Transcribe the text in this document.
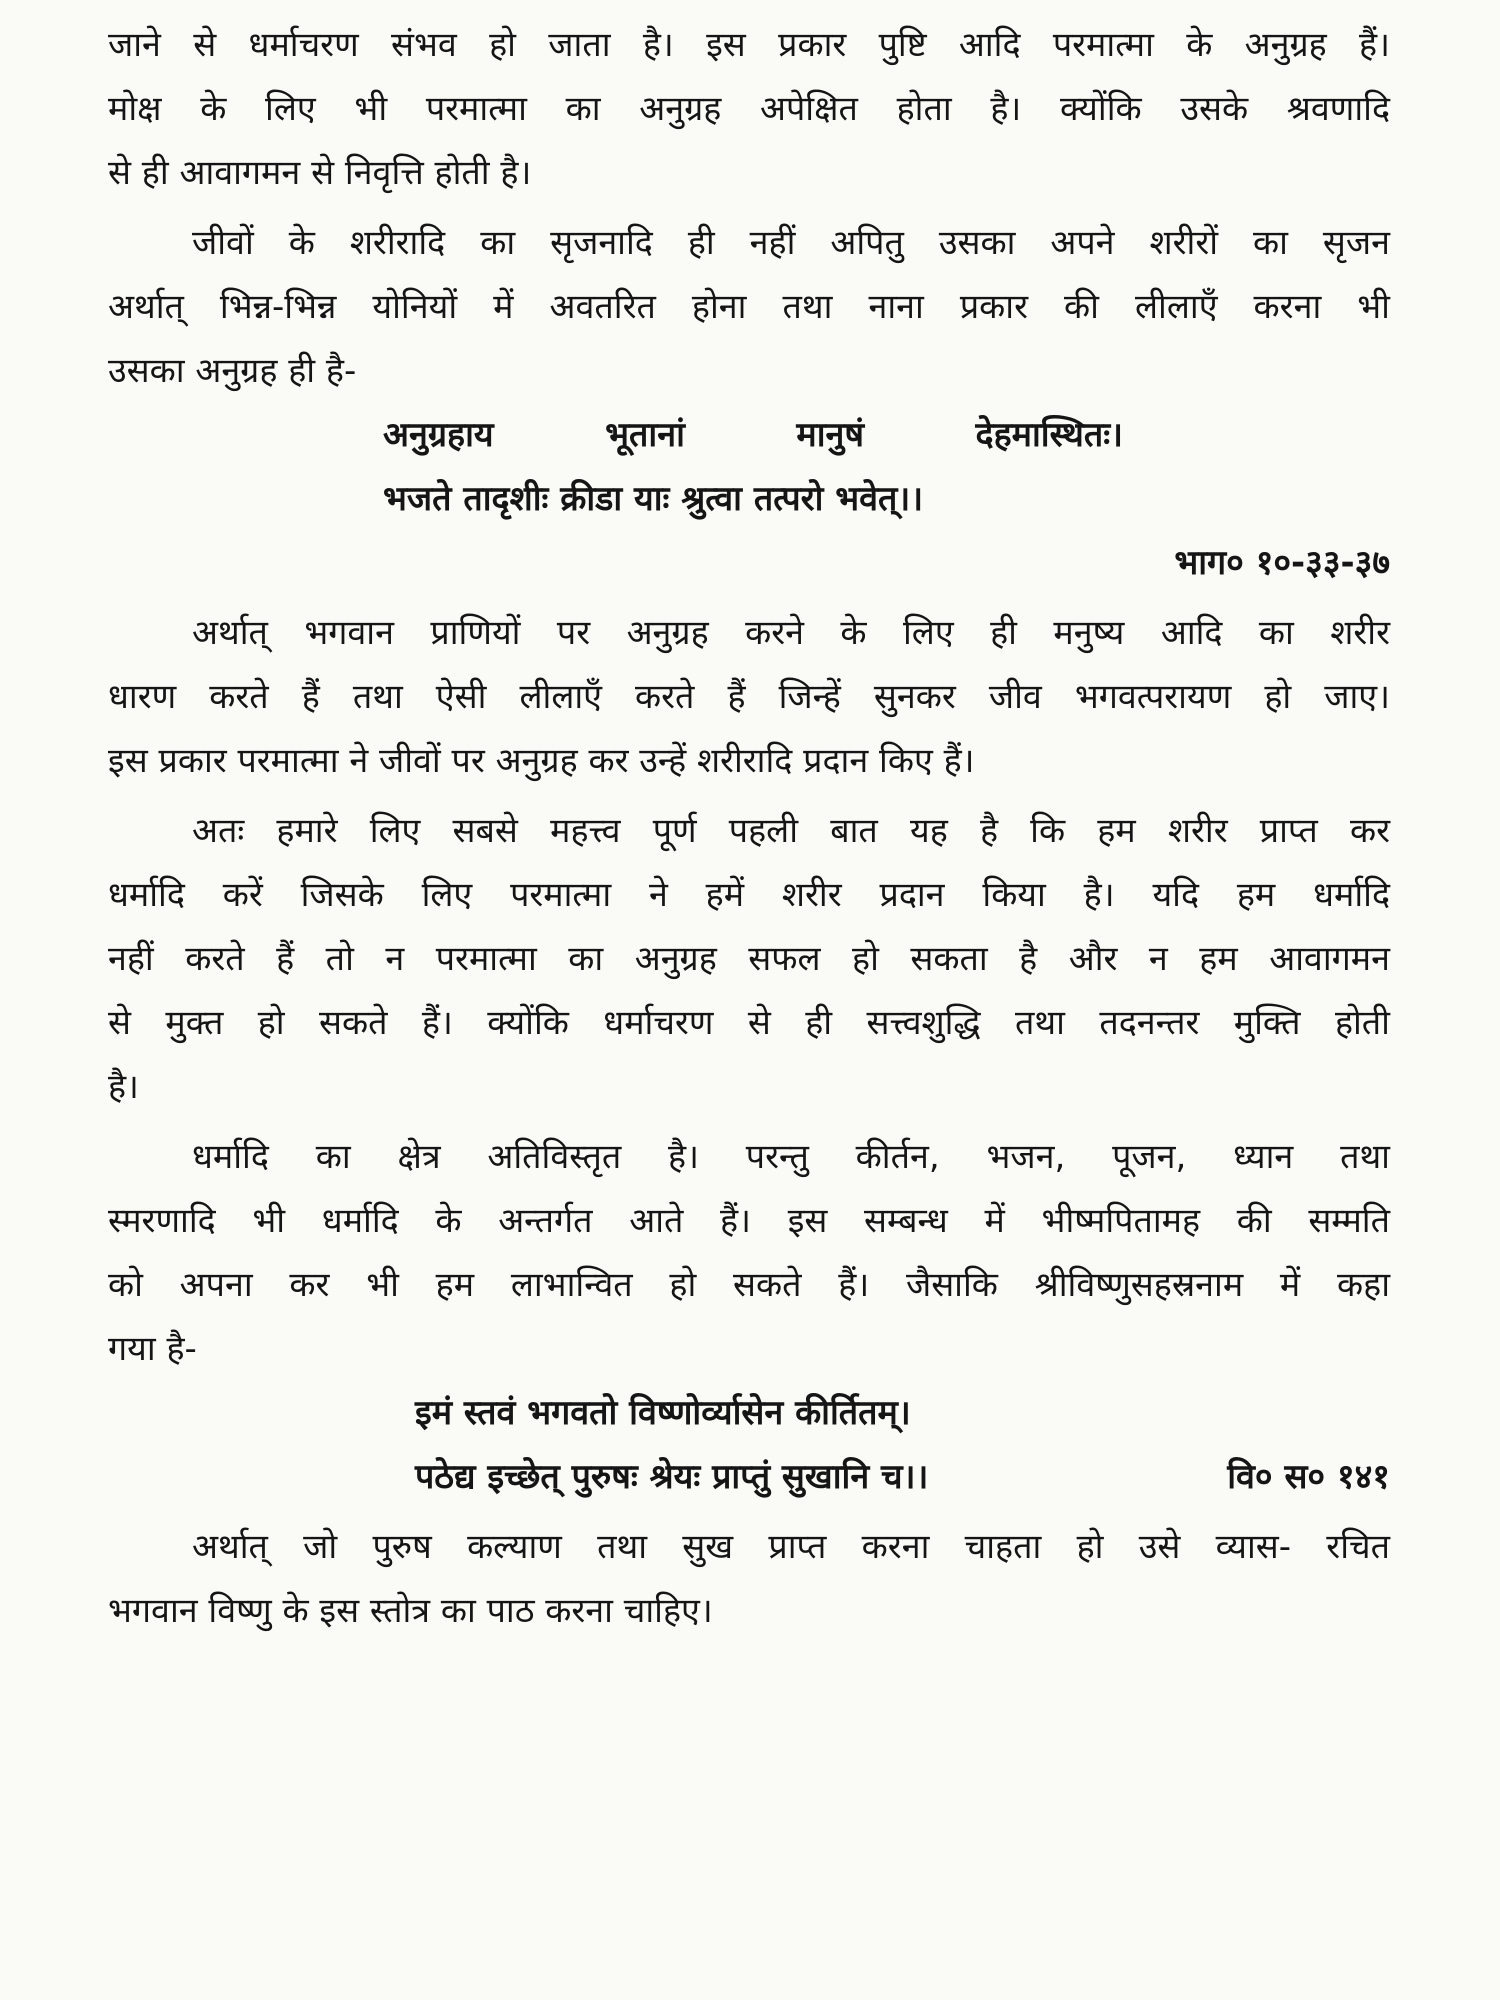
जाने से धर्माचरण संभव हो जाता है। इस प्रकार पुष्टि आदि परमात्मा के अनुग्रह हैं।
मोक्ष के लिए भी परमात्मा का अनुग्रह अपेक्षित होता है। क्योंकि उसके श्रवणादि
से ही आवागमन से निवृत्ति होती है।
जीवों के शरीरादि का सृजनादि ही नहीं अपितु उसका अपने शरीरों का सृजन
अर्थात् भिन्न-भिन्न योनियों में अवतरित होना तथा नाना प्रकार की लीलाएँ करना भी
उसका अनुग्रह ही है-
अनुग्रहाय भूतानां मानुषं देहमास्थितः।
भजते तादृशीः क्रीडा याः श्रुत्वा तत्परो भवेत्।।
भाग० १०-३३-३७
अर्थात् भगवान प्राणियों पर अनुग्रह करने के लिए ही मनुष्य आदि का शरीर
धारण करते हैं तथा ऐसी लीलाएँ करते हैं जिन्हें सुनकर जीव भगवत्परायण हो जाए।
इस प्रकार परमात्मा ने जीवों पर अनुग्रह कर उन्हें शरीरादि प्रदान किए हैं।
अतः हमारे लिए सबसे महत्त्व पूर्ण पहली बात यह है कि हम शरीर प्राप्त कर
धर्मादि करें जिसके लिए परमात्मा ने हमें शरीर प्रदान किया है। यदि हम धर्मादि
नहीं करते हैं तो न परमात्मा का अनुग्रह सफल हो सकता है और न हम आवागमन
से मुक्त हो सकते हैं। क्योंकि धर्माचरण से ही सत्त्वशुद्धि तथा तदनन्तर मुक्ति होती
है।
धर्मादि का क्षेत्र अतिविस्तृत है। परन्तु कीर्तन, भजन, पूजन, ध्यान तथा
स्मरणादि भी धर्मादि के अन्तर्गत आते हैं। इस सम्बन्ध में भीष्मपितामह की सम्मति
को अपना कर भी हम लाभान्वित हो सकते हैं। जैसाकि श्रीविष्णुसहस्रनाम में कहा
गया है-
इमं स्तवं भगवतो विष्णोर्व्यासेन कीर्तितम्।
पठेद्य इच्छेत् पुरुषः श्रेयः प्राप्तुं सुखानि च।।	वि० स० १४१
अर्थात् जो पुरुष कल्याण तथा सुख प्राप्त करना चाहता हो उसे व्यास- रचित
भगवान विष्णु के इस स्तोत्र का पाठ करना चाहिए।
